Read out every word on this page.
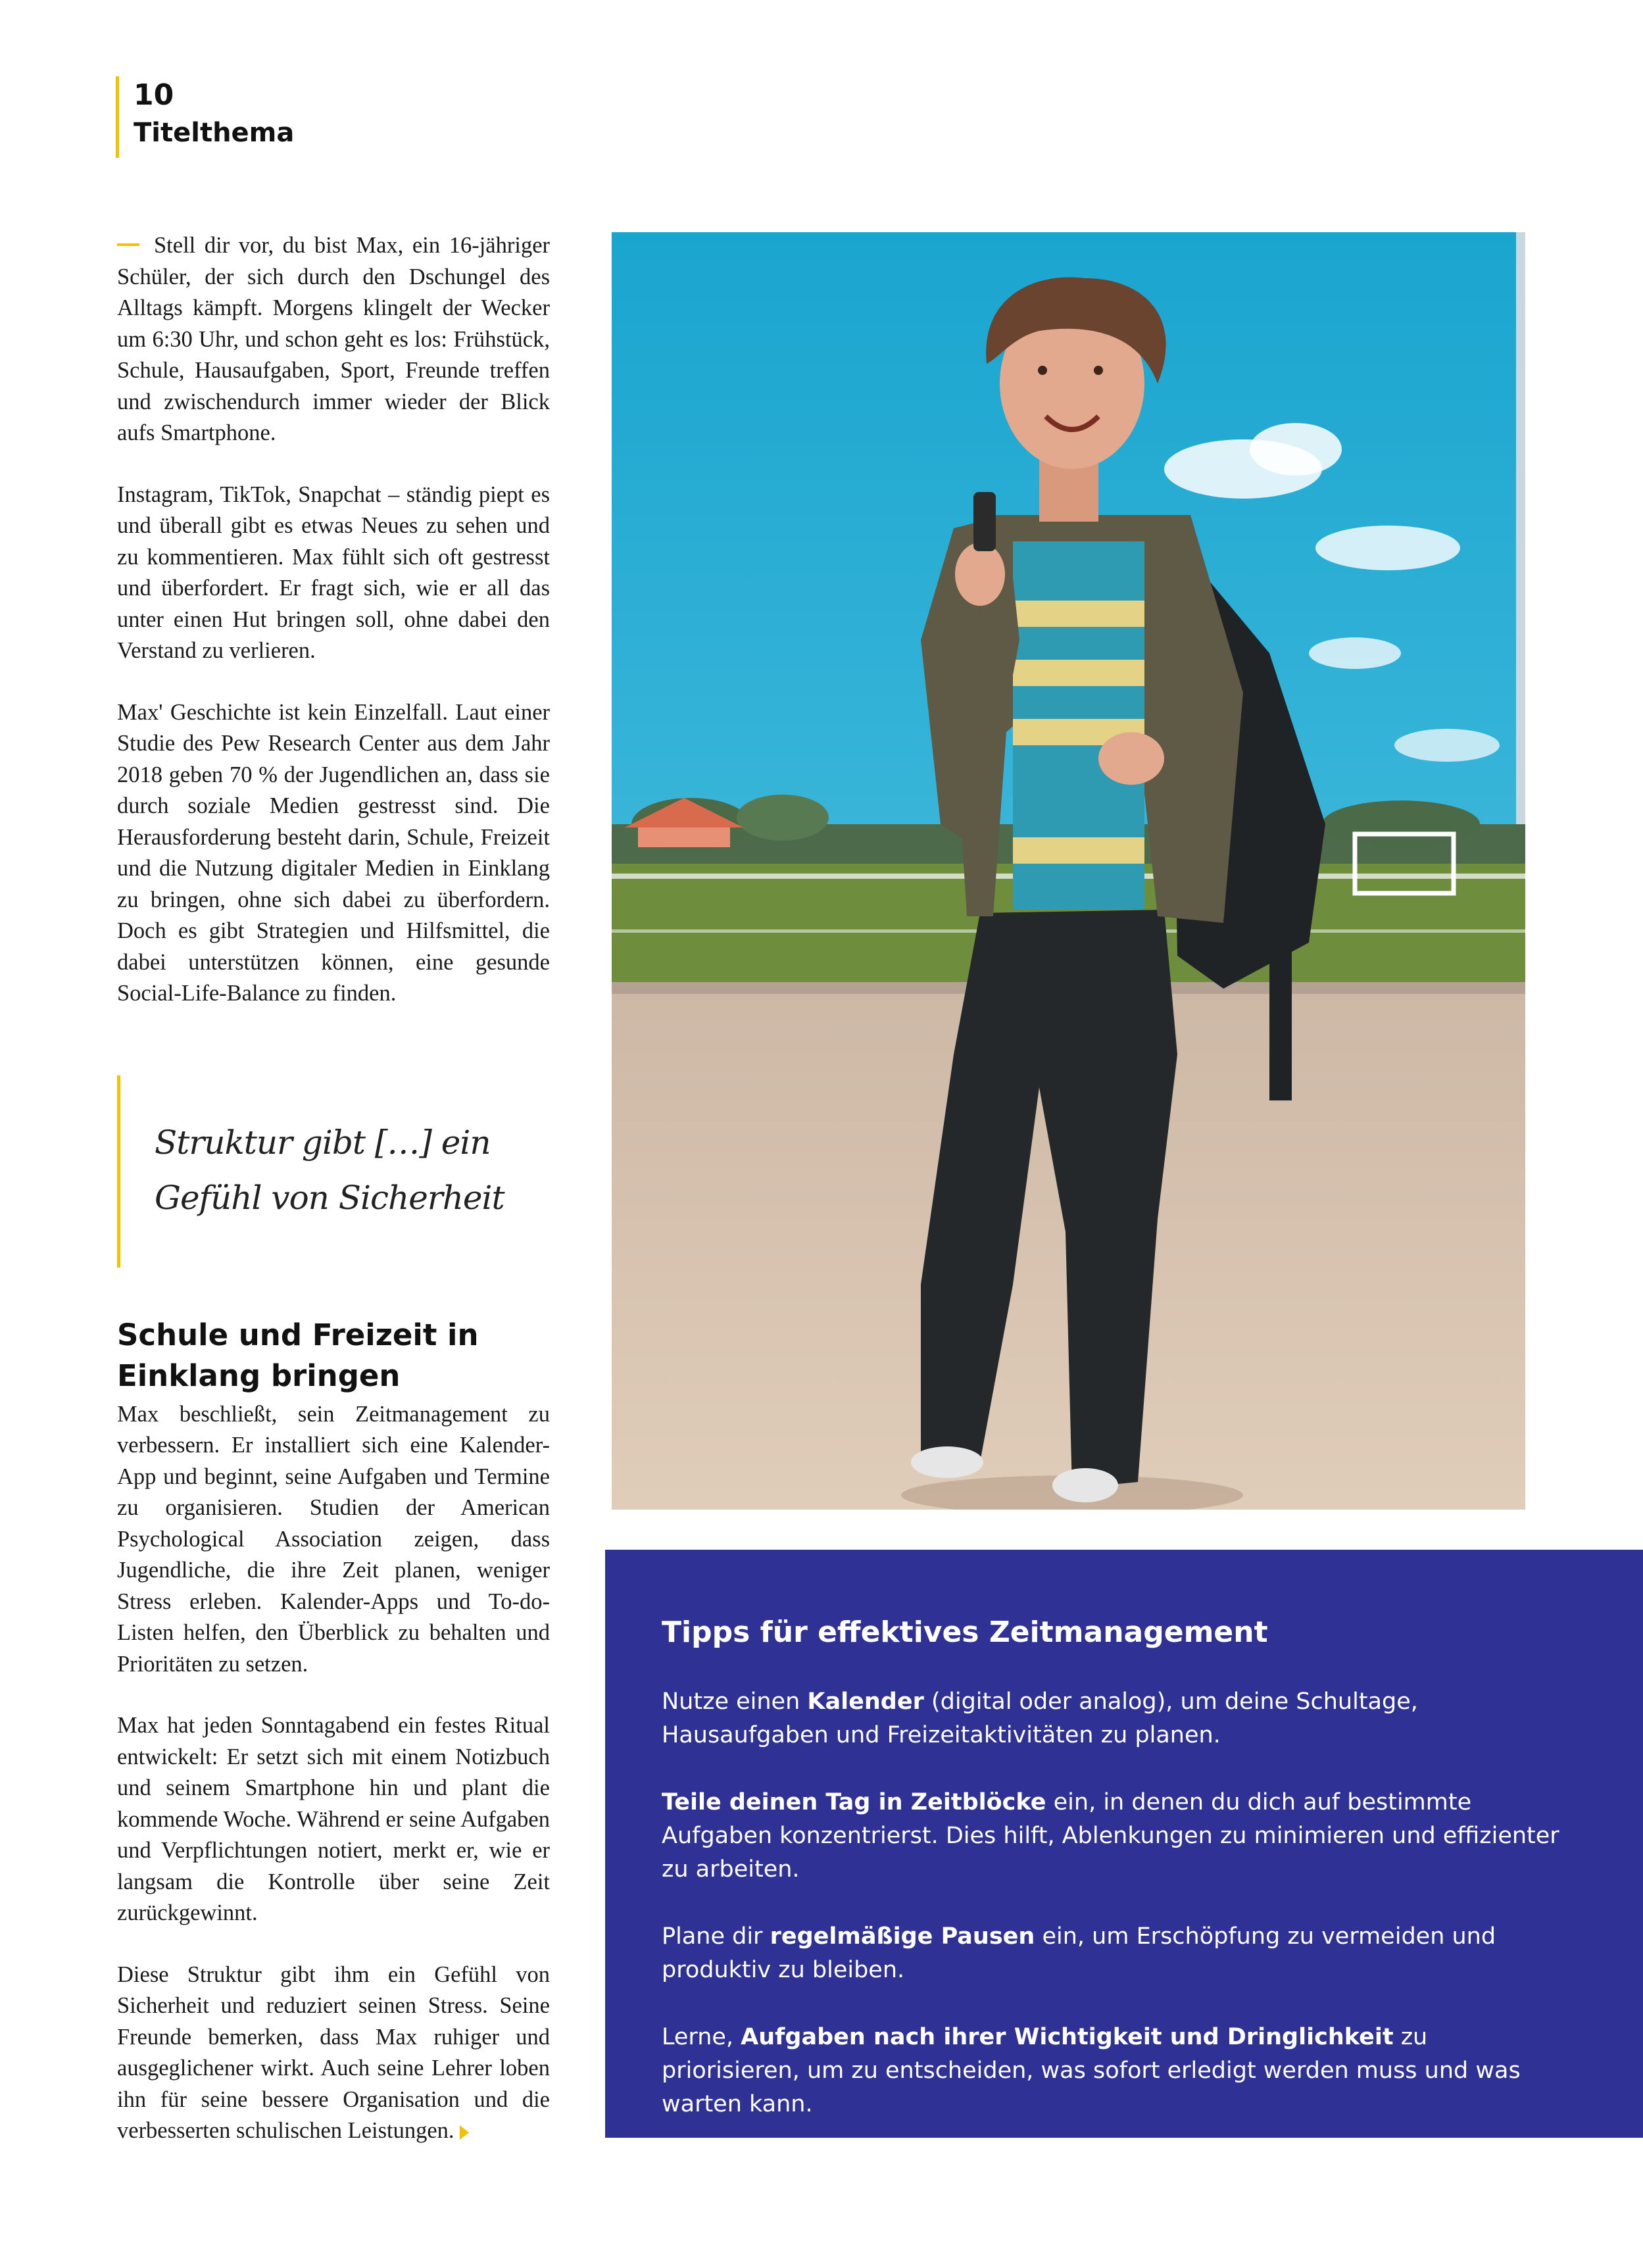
10
Titelthema

Stell dir vor, du bist Max, ein 16-jähriger Schüler, der sich durch den Dschungel des Alltags kämpft. Morgens klingelt der Wecker um 6:30 Uhr, und schon geht es los: Frühstück, Schule, Hausaufgaben, Sport, Freunde treffen und zwischendurch immer wieder der Blick aufs Smartphone.

Instagram, TikTok, Snapchat – ständig piept es und überall gibt es etwas Neues zu sehen und zu kommentieren. Max fühlt sich oft gestresst und überfordert. Er fragt sich, wie er all das unter einen Hut bringen soll, ohne dabei den Verstand zu verlieren.

Max' Geschichte ist kein Einzelfall. Laut einer Studie des Pew Research Center aus dem Jahr 2018 geben 70 % der Jugendlichen an, dass sie durch soziale Medien gestresst sind. Die Herausforderung besteht darin, Schule, Freizeit und die Nutzung digitaler Medien in Einklang zu bringen, ohne sich dabei zu überfordern. Doch es gibt Strategien und Hilfsmittel, die dabei unterstützen können, eine gesunde Social-Life-Balance zu finden.

Struktur gibt […] ein
Gefühl von Sicherheit
Schule und Freizeit in Einklang bringen

Max beschließt, sein Zeitmanagement zu verbessern. Er installiert sich eine Kalender-App und beginnt, seine Aufgaben und Termine zu organisieren. Studien der American Psychological Association zeigen, dass Jugendliche, die ihre Zeit planen, weniger Stress erleben. Kalender-Apps und To-do-Listen helfen, den Überblick zu behalten und Prioritäten zu setzen.

Max hat jeden Sonntagabend ein festes Ritual entwickelt: Er setzt sich mit einem Notizbuch und seinem Smartphone hin und plant die kommende Woche. Während er seine Aufgaben und Verpflichtungen notiert, merkt er, wie er langsam die Kontrolle über seine Zeit zurückgewinnt.

Diese Struktur gibt ihm ein Gefühl von Sicherheit und reduziert seinen Stress. Seine Freunde bemerken, dass Max ruhiger und ausgeglichener wirkt. Auch seine Lehrer loben ihn für seine bessere Organisation und die verbesserten schulischen Leistungen.

Tipps für effektives Zeitmanagement
Nutze einen Kalender (digital oder analog), um deine Schultage, Hausaufgaben und Freizeitaktivitäten zu planen.
Teile deinen Tag in Zeitblöcke ein, in denen du dich auf bestimmte Aufgaben konzentrierst. Dies hilft, Ablenkungen zu minimieren und effizienter zu arbeiten.
Plane dir regelmäßige Pausen ein, um Erschöpfung zu vermeiden und produktiv zu bleiben.
Lerne, Aufgaben nach ihrer Wichtigkeit und Dringlichkeit zu priorisieren, um zu entscheiden, was sofort erledigt werden muss und was warten kann.
